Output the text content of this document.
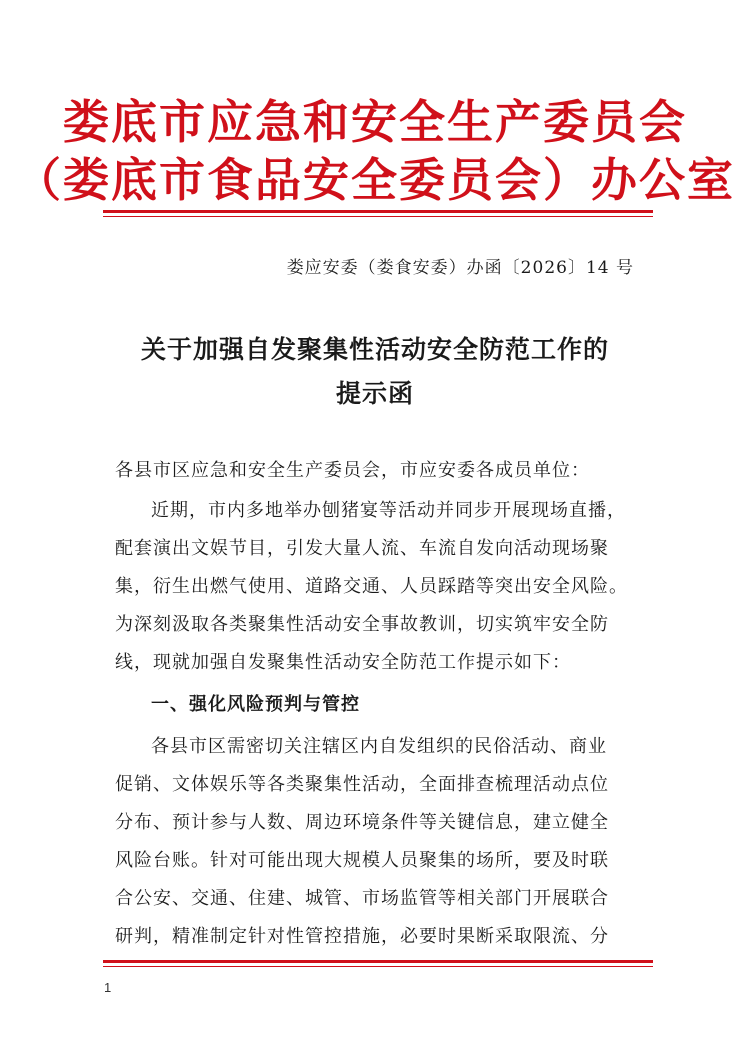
娄底市应急和安全生产委员会
（娄底市食品安全委员会）办公室
娄应安委（娄食安委）办函〔2026〕14 号
关于加强自发聚集性活动安全防范工作的
提示函
各县市区应急和安全生产委员会，市应安委各成员单位：
近期，市内多地举办刨猪宴等活动并同步开展现场直播，
配套演出文娱节目，引发大量人流、车流自发向活动现场聚
集，衍生出燃气使用、道路交通、人员踩踏等突出安全风险。
为深刻汲取各类聚集性活动安全事故教训，切实筑牢安全防
线，现就加强自发聚集性活动安全防范工作提示如下：
一、强化风险预判与管控
各县市区需密切关注辖区内自发组织的民俗活动、商业
促销、文体娱乐等各类聚集性活动，全面排查梳理活动点位
分布、预计参与人数、周边环境条件等关键信息，建立健全
风险台账。针对可能出现大规模人员聚集的场所，要及时联
合公安、交通、住建、城管、市场监管等相关部门开展联合
研判，精准制定针对性管控措施，必要时果断采取限流、分
1
